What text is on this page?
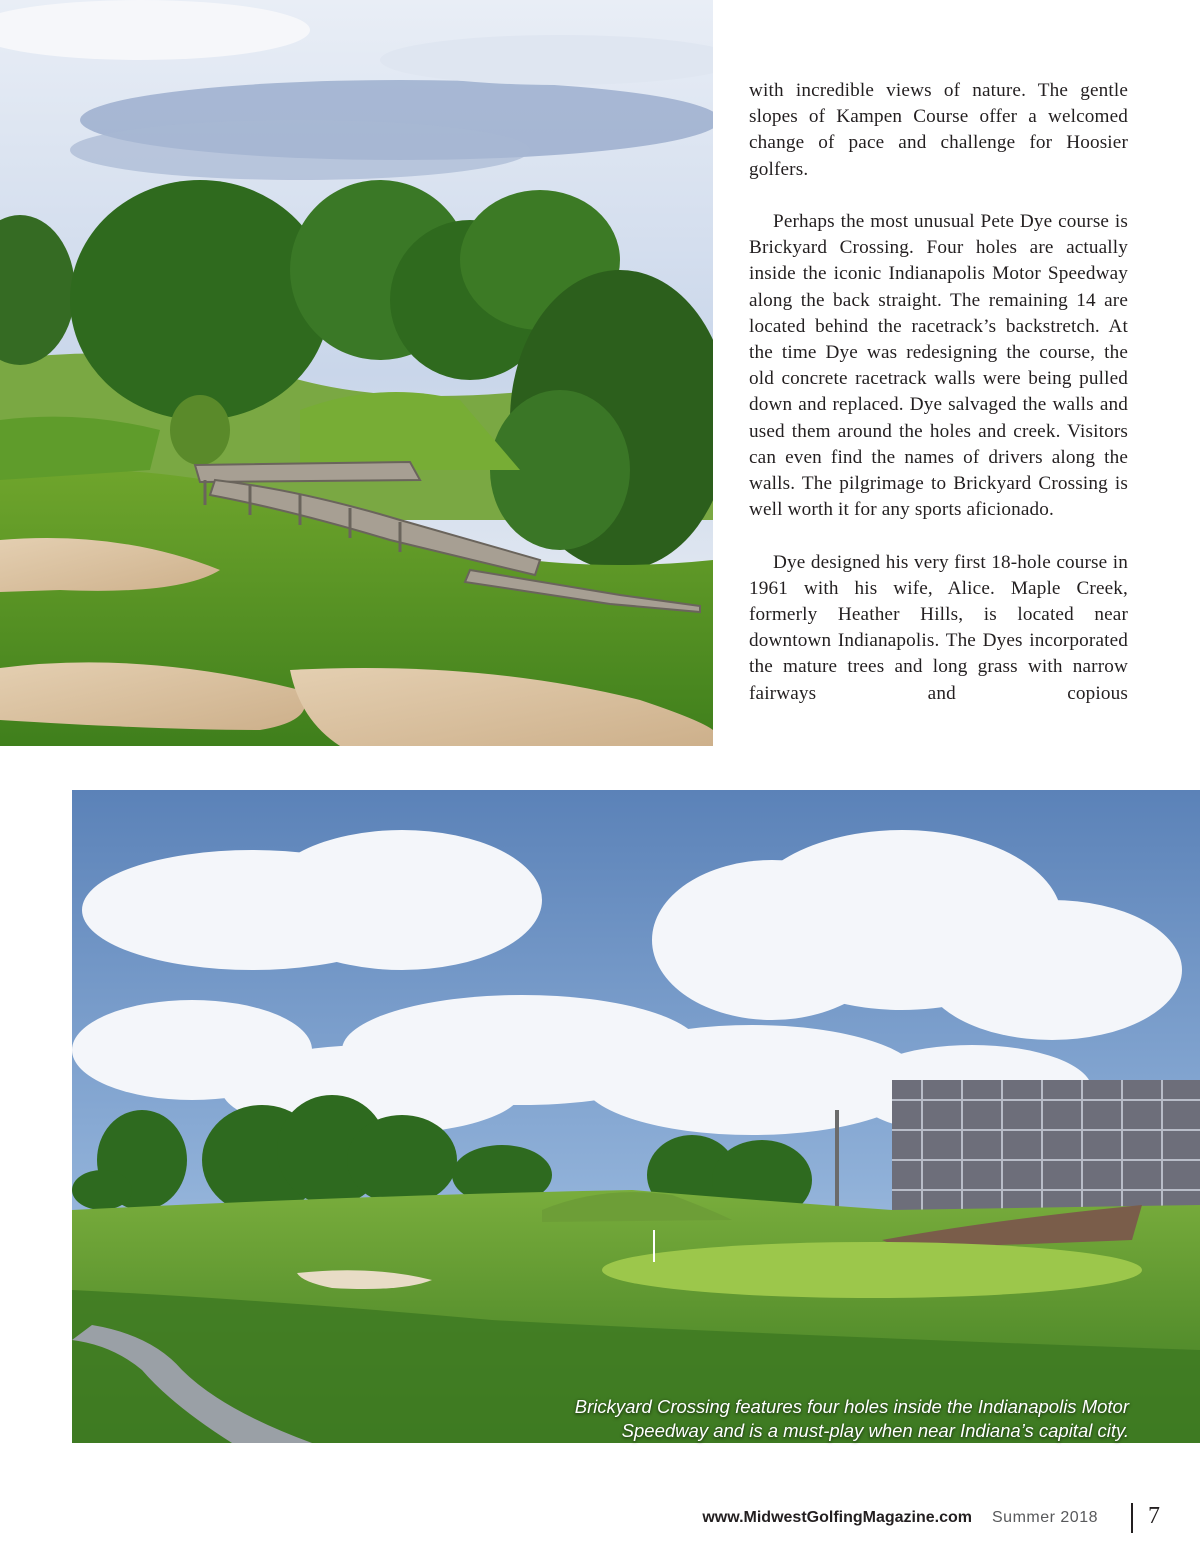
with incredible views of nature. The gentle slopes of Kampen Course offer a welcomed change of pace and challenge for Hoosier golfers.

Perhaps the most unusual Pete Dye course is Brickyard Crossing. Four holes are actually inside the iconic Indianapolis Motor Speedway along the back straight. The remaining 14 are located behind the racetrack’s backstretch. At the time Dye was redesigning the course, the old concrete racetrack walls were being pulled down and replaced. Dye salvaged the walls and used them around the holes and creek. Visitors can even find the names of drivers along the walls. The pilgrimage to Brickyard Crossing is well worth it for any sports aficionado.

Dye designed his very first 18-hole course in 1961 with his wife, Alice. Maple Creek, formerly Heather Hills, is located near downtown Indianapolis. The Dyes incorporated the mature trees and long grass with narrow fairways and copious

Brickyard Crossing features four holes inside the Indianapolis Motor
Speedway and is a must-play when near Indiana’s capital city.
www.MidwestGolfingMagazine.com Summer 2018 7
